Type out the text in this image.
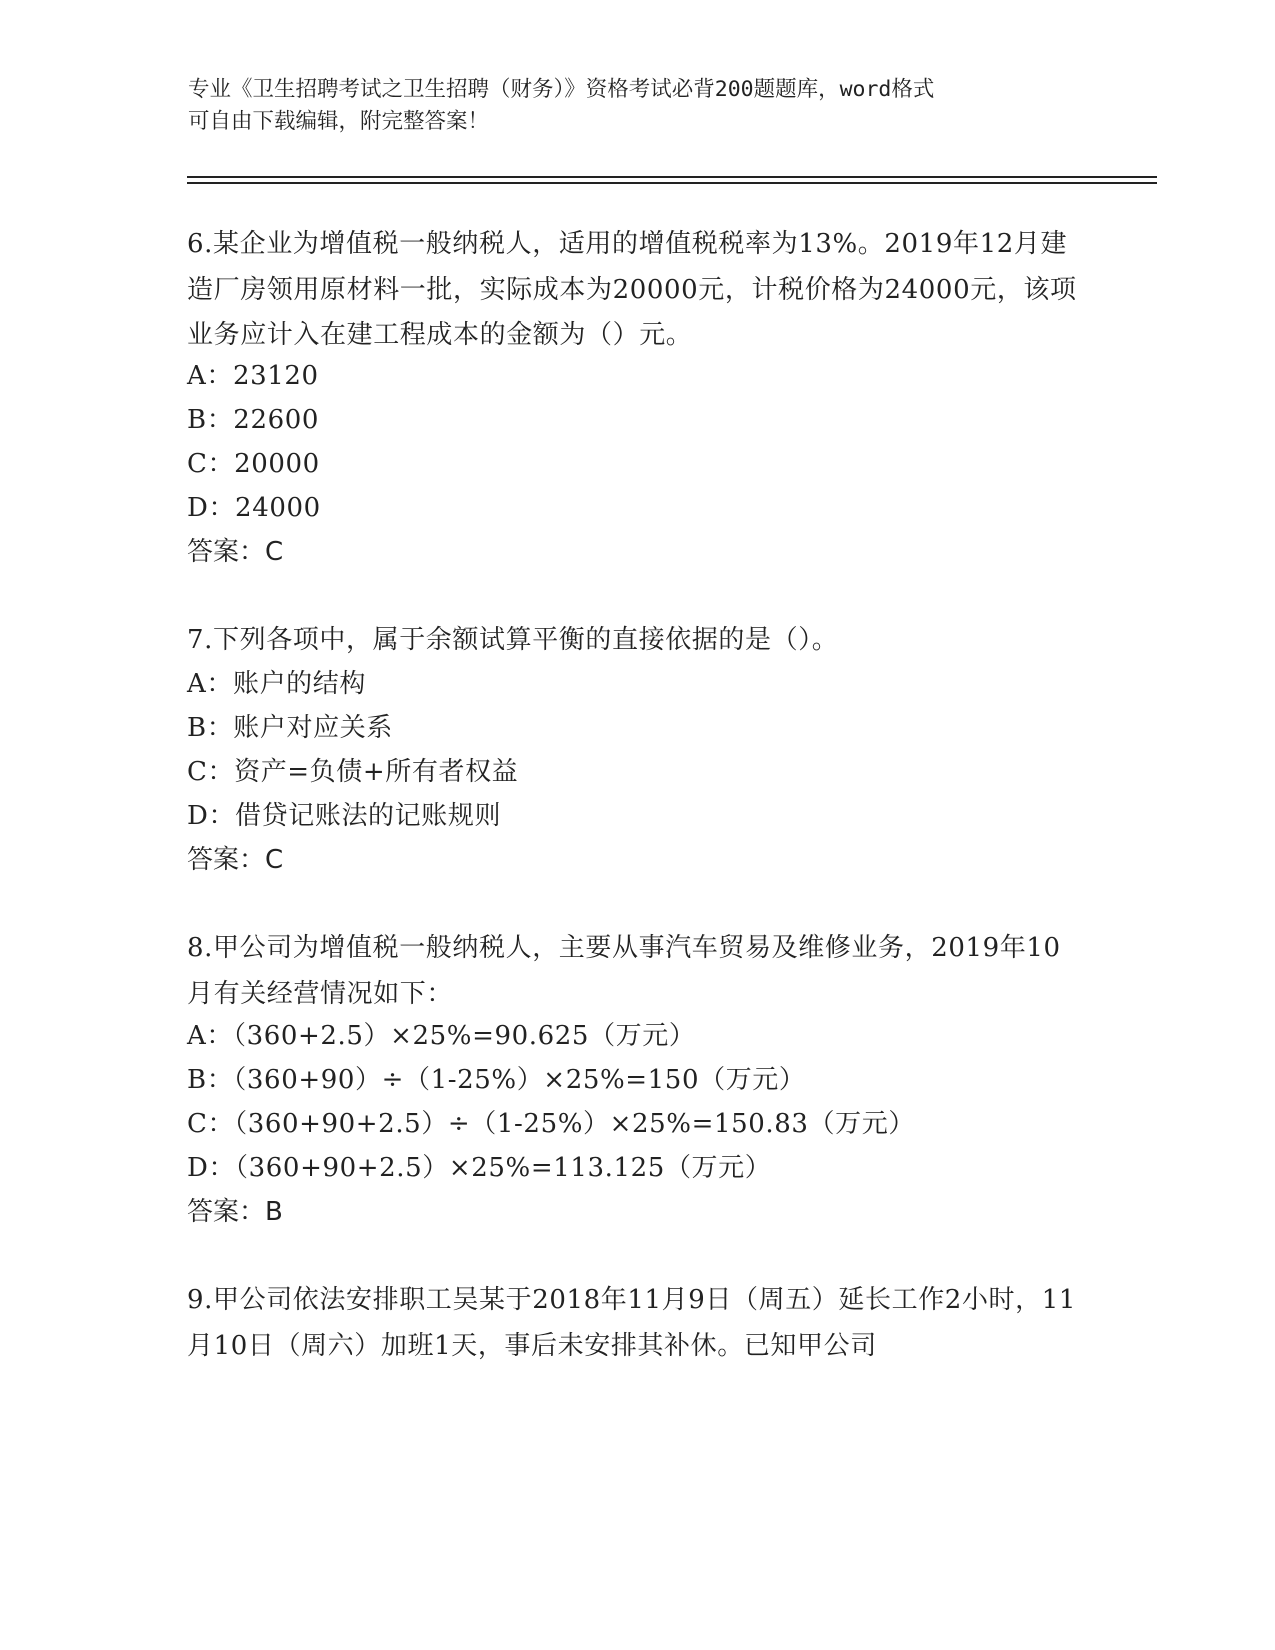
专业《卫生招聘考试之卫生招聘（财务）》资格考试必背200题题库，word格式
可自由下载编辑，附完整答案！
6.某企业为增值税一般纳税人，适用的增值税税率为13%。2019年12月建造厂房领用原材料一批，实际成本为20000元，计税价格为24000元，该项业务应计入在建工程成本的金额为（）元。
A：23120
B：22600
C：20000
D：24000
答案：C
7.下列各项中，属于余额试算平衡的直接依据的是（）。
A：账户的结构
B：账户对应关系
C：资产=负债+所有者权益
D：借贷记账法的记账规则
答案：C
8.甲公司为增值税一般纳税人，主要从事汽车贸易及维修业务，2019年10月有关经营情况如下：
A：（360+2.5）×25%=90.625（万元）
B：（360+90）÷（1-25%）×25%=150（万元）
C：（360+90+2.5）÷（1-25%）×25%=150.83（万元）
D：（360+90+2.5）×25%=113.125（万元）
答案：B
9.甲公司依法安排职工吴某于2018年11月9日（周五）延长工作2小时，11月10日（周六）加班1天，事后未安排其补休。已知甲公司
